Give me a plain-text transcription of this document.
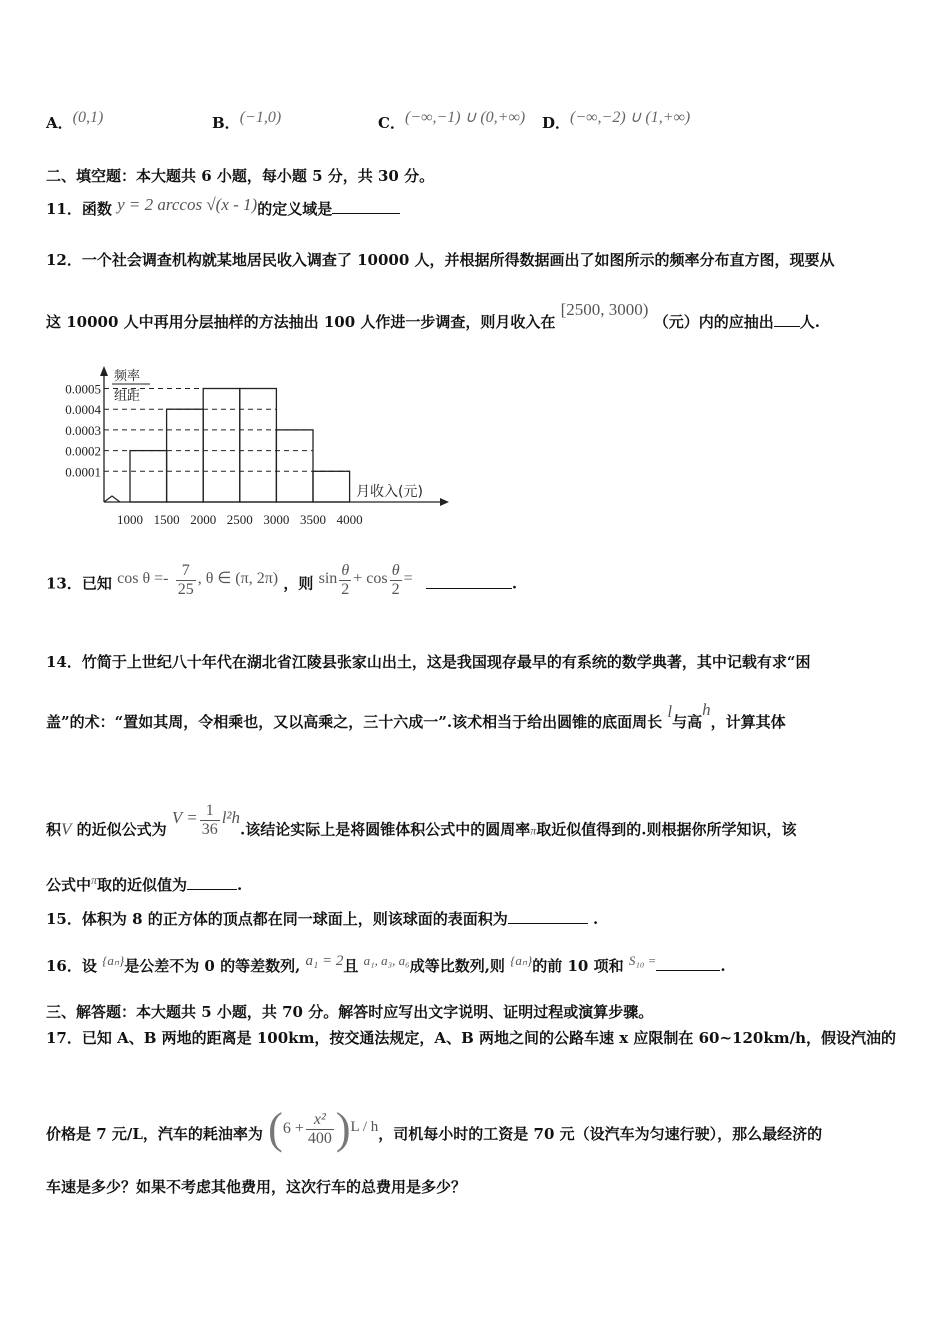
A．(0,1)	B．(−1,0)	C．(−∞,−1) ∪ (0,+∞) D．(−∞,−2) ∪ (1,+∞)
二、填空题：本大题共 6 小题，每小题 5 分，共 30 分。
11．函数 y = 2 arccos √(x - 1)的定义域是
12．一个社会调查机构就某地居民收入调查了 10000 人，并根据所得数据画出了如图所示的频率分布直方图，现要从
这 10000 人中再用分层抽样的方法抽出 100 人作进一步调查，则月收入在 [2500, 3000) （元）内的应抽出 人.
频率
组距
0.0001
0.0002
0.0003
0.0004
0.0005
1000 1500 2000 2500 3000 3500 4000
月收入(元)
13．已知 $\cos \theta =- \frac{7}{25}$ , θ ∈ (π, 2π) ，则 $\sin \frac{\theta}{2} + \cos \frac{\theta}{2}$ =	.
14．竹简于上世纪八十年代在湖北省江陵县张家山出土，这是我国现存最早的有系统的数学典著，其中记载有求“困
盖”的术：“置如其周，令相乘也，又以高乘之，三十六成一”.该术相当于给出圆锥的底面周长 l与高h，计算其体
积V 的近似公式为 $V = \frac{1}{36} l^2h$.该结论实际上是将圆锥体积公式中的圆周率π取近似值得到的.则根据你所学知识，该
公式中$^\pi$取的近似值为	.
15．体积为 8 的正方体的顶点都在同一球面上，则该球面的表面积为	.
16．设 {aₙ}是公差不为 0 的等差数列, a₁ = 2且 a₁, a₃, a₆成等比数列,则 {aₙ}的前 10 项和 S₁₀ =	.
三、解答题：本大题共 5 小题，共 70 分。解答时应写出文字说明、证明过程或演算步骤。
17．已知 A、B 两地的距离是 100km，按交通法规定，A、B 两地之间的公路车速 x 应限制在 60~120km/h，假设汽油的
价格是 7 元/L，汽车的耗油率为 $(6 + \frac{\text{x²}}{400} )L / h$，司机每小时的工资是 70 元（设汽车为匀速行驶），那么最经济的
车速是多少？如果不考虑其他费用，这次行车的总费用是多少？
